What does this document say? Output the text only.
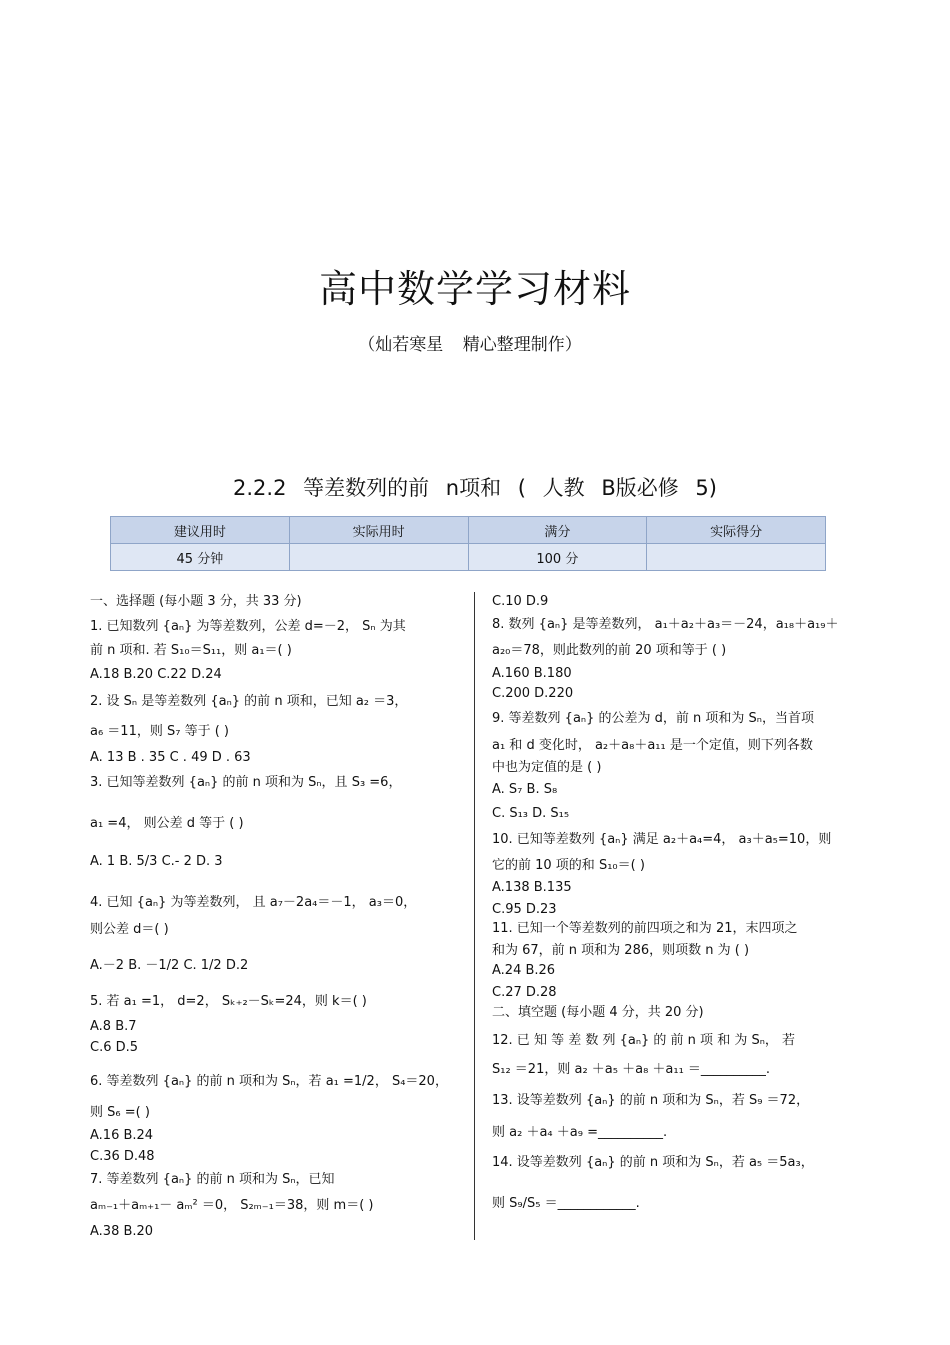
高中数学学习材料
（灿若寒星 精心整理制作）
2.2.2 等差数列的前 n项和 ( 人教 B版必修 5)
建议用时	实际用时	满分	实际得分
45 分钟		100 分	
一、选择题 (每小题 3 分，共 33 分)
1. 已知数列 {aₙ} 为等差数列，公差 d=－2， Sₙ 为其
前 n 项和. 若 S₁₀＝S₁₁，则 a₁＝( )
A.18 B.20 C.22 D.24
2. 设 Sₙ 是等差数列 {aₙ} 的前 n 项和，已知 a₂ ＝3，
a₆ ＝11，则 S₇ 等于 ( )
A. 13 B . 35 C . 49 D . 63
3. 已知等差数列 {aₙ} 的前 n 项和为 Sₙ，且 S₃ =6，
a₁ =4， 则公差 d 等于 ( )
A. 1 B. 5/3 C.- 2 D. 3
4. 已知 {aₙ} 为等差数列， 且 a₇－2a₄＝－1， a₃＝0，
则公差 d＝( )
A.－2 B. －1/2 C. 1/2 D.2
5. 若 a₁ =1， d=2， Sₖ₊₂－Sₖ=24，则 k＝( )
A.8 B.7
C.6 D.5
6. 等差数列 {aₙ} 的前 n 项和为 Sₙ，若 a₁ =1/2， S₄＝20，
则 S₆ =( )
A.16 B.24
C.36 D.48
7. 等差数列 {aₙ} 的前 n 项和为 Sₙ，已知
aₘ₋₁＋aₘ₊₁－ aₘ² ＝0， S₂ₘ₋₁＝38，则 m＝( )
A.38 B.20
C.10 D.9
8. 数列 {aₙ} 是等差数列， a₁＋a₂＋a₃＝－24，a₁₈＋a₁₉＋
a₂₀＝78，则此数列的前 20 项和等于 ( )
A.160 B.180
C.200 D.220
9. 等差数列 {aₙ} 的公差为 d，前 n 项和为 Sₙ，当首项
a₁ 和 d 变化时， a₂＋a₈＋a₁₁ 是一个定值，则下列各数
中也为定值的是 ( )
A. S₇ B. S₈
C. S₁₃ D. S₁₅
10. 已知等差数列 {aₙ} 满足 a₂＋a₄=4， a₃＋a₅=10，则
它的前 10 项的和 S₁₀＝( )
A.138 B.135
C.95 D.23
11. 已知一个等差数列的前四项之和为 21，末四项之
和为 67，前 n 项和为 286，则项数 n 为 ( )
A.24 B.26
C.27 D.28
二、填空题 (每小题 4 分，共 20 分)
12. 已 知 等 差 数 列 {aₙ} 的 前 n 项 和 为 Sₙ， 若
S₁₂ ＝21，则 a₂ ＋a₅ ＋a₈ ＋a₁₁ ＝__________.
13. 设等差数列 {aₙ} 的前 n 项和为 Sₙ，若 S₉ ＝72，
则 a₂ ＋a₄ ＋a₉ =__________.
14. 设等差数列 {aₙ} 的前 n 项和为 Sₙ，若 a₅ ＝5a₃，
则 S₉/S₅ ＝____________.
